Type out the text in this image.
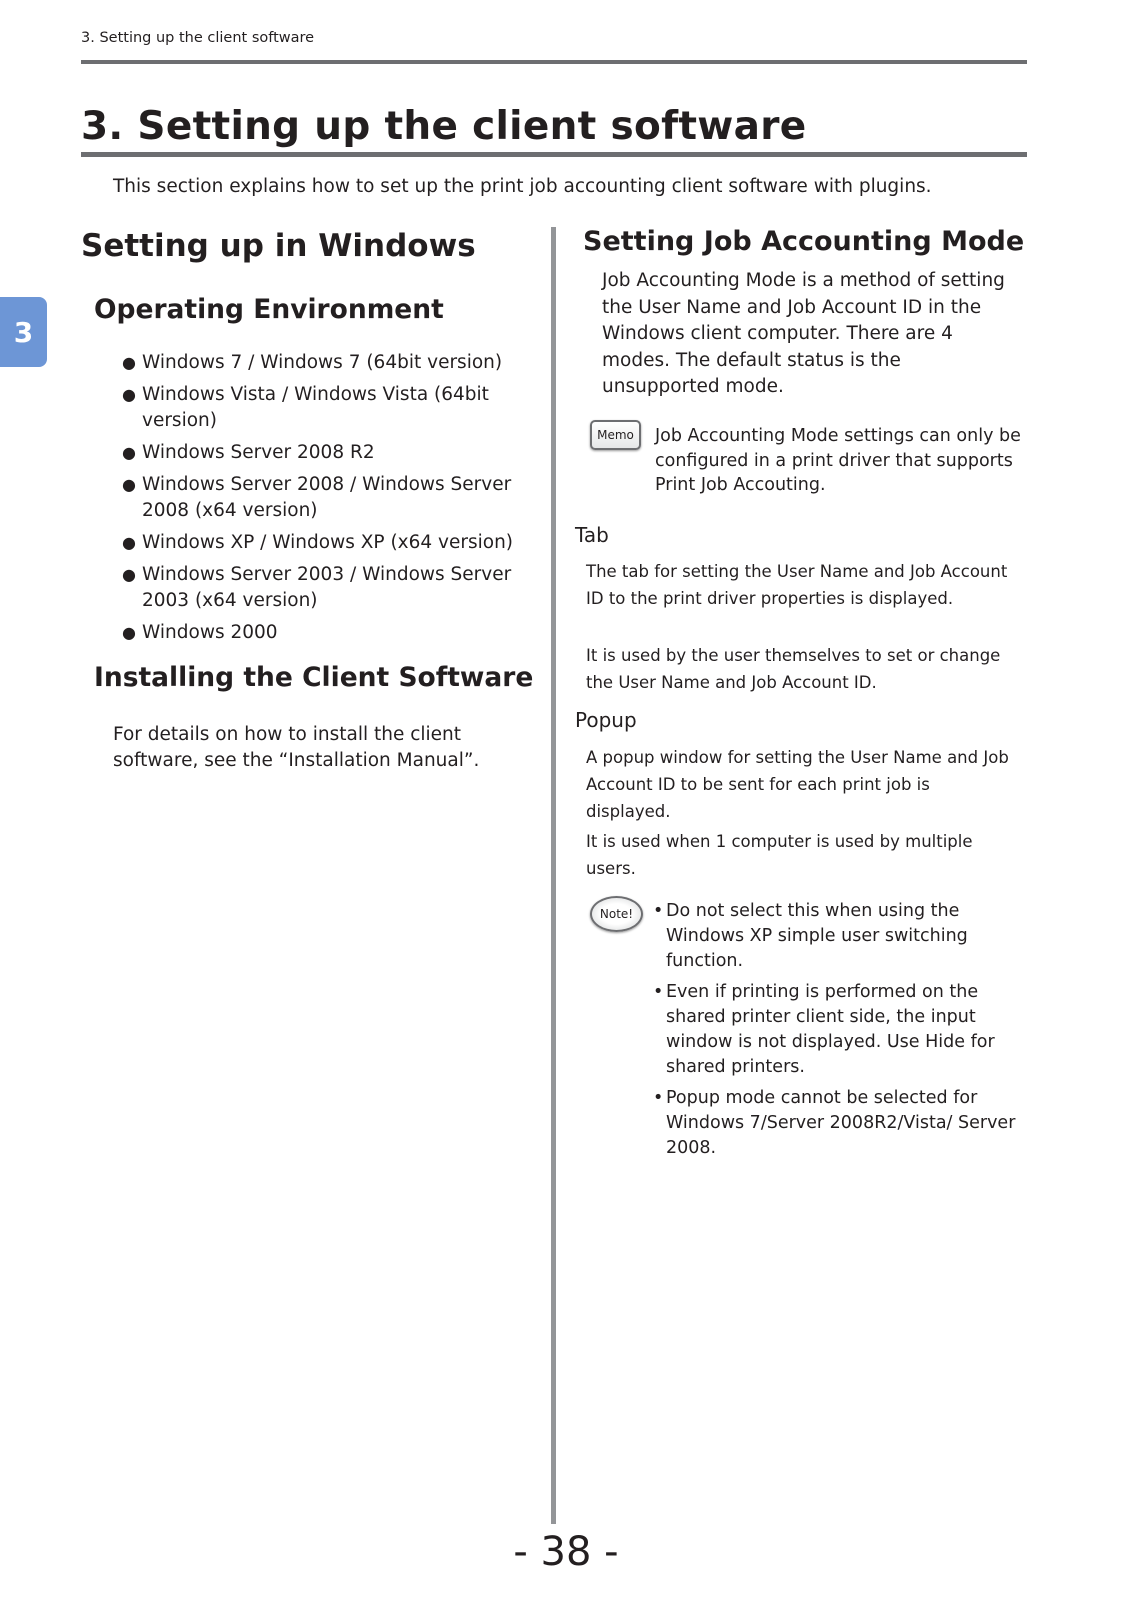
3. Setting up the client software
3. Setting up the client software

This section explains how to set up the print job accounting client software with plugins.

3
Setting up in Windows
Operating Environment
● Windows 7 / Windows 7 (64bit version)
● Windows Vista / Windows Vista (64bit version)
● Windows Server 2008 R2
● Windows Server 2008 / Windows Server 2008 (x64 version)
● Windows XP / Windows XP (x64 version)
● Windows Server 2003 / Windows Server 2003 (x64 version)
● Windows 2000
Installing the Client Software

For details on how to install the client software, see the “Installation Manual”.

Setting Job Accounting Mode

Job Accounting Mode is a method of setting the User Name and Job Account ID in the Windows client computer. There are 4 modes. The default status is the unsupported mode.

Memo Job Accounting Mode settings can only be configured in a print driver that supports Print Job Accouting.

Tab

The tab for setting the User Name and Job Account ID to the print driver properties is displayed.

It is used by the user themselves to set or change the User Name and Job Account ID.

Popup

A popup window for setting the User Name and Job Account ID to be sent for each print job is displayed.

It is used when 1 computer is used by multiple users.

Note! • Do not select this when using the Windows XP simple user switching function.
• Even if printing is performed on the shared printer client side, the input window is not displayed. Use Hide for shared printers.
• Popup mode cannot be selected for Windows 7/Server 2008R2/Vista/ Server 2008.
- 38 -
